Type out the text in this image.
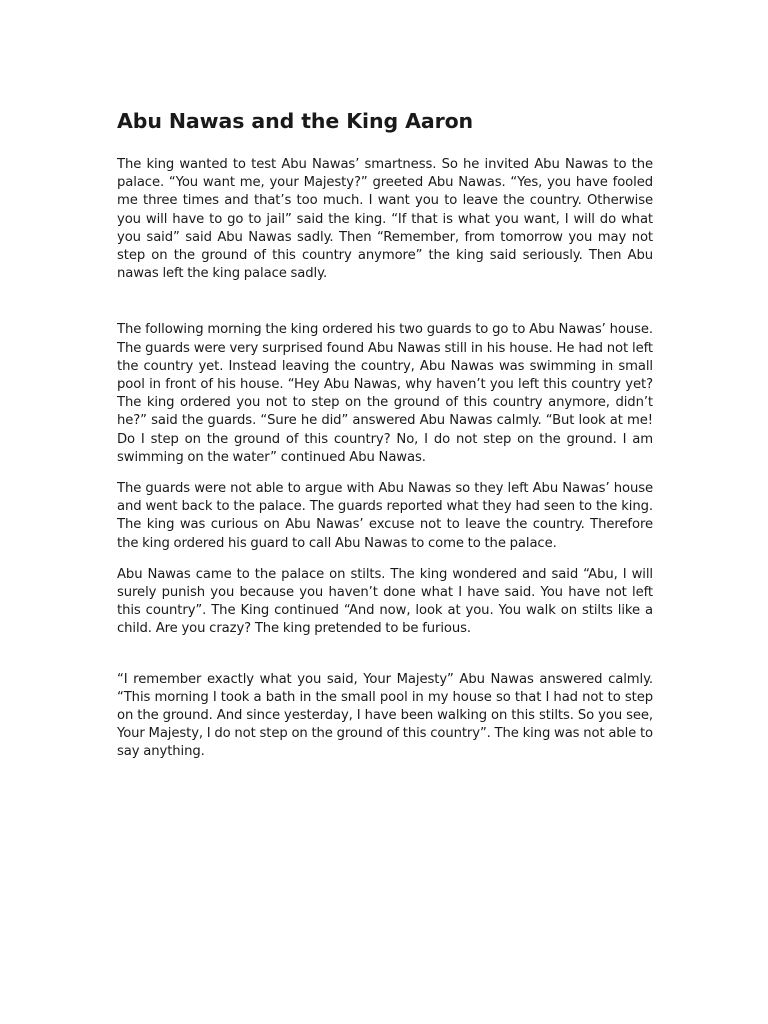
Abu Nawas and the King Aaron

The king wanted to test Abu Nawas’ smartness. So he invited Abu Nawas to the palace. “You want me, your Majesty?” greeted Abu Nawas. “Yes, you have fooled me three times and that’s too much. I want you to leave the country. Otherwise you will have to go to jail” said the king. “If that is what you want, I will do what you said” said Abu Nawas sadly. Then “Remember, from tomorrow you may not step on the ground of this country anymore” the king said seriously. Then Abu nawas left the king palace sadly.

The following morning the king ordered his two guards to go to Abu Nawas’ house. The guards were very surprised found Abu Nawas still in his house. He had not left the country yet. Instead leaving the country, Abu Nawas was swimming in small pool in front of his house. “Hey Abu Nawas, why haven’t you left this country yet? The king ordered you not to step on the ground of this country anymore, didn’t he?” said the guards. “Sure he did” answered Abu Nawas calmly. “But look at me! Do I step on the ground of this country? No, I do not step on the ground. I am swimming on the water” continued Abu Nawas.

The guards were not able to argue with Abu Nawas so they left Abu Nawas’ house and went back to the palace. The guards reported what they had seen to the king. The king was curious on Abu Nawas’ excuse not to leave the country. Therefore the king ordered his guard to call Abu Nawas to come to the palace.

Abu Nawas came to the palace on stilts. The king wondered and said “Abu, I will surely punish you because you haven’t done what I have said. You have not left this country”. The King continued “And now, look at you. You walk on stilts like a child. Are you crazy? The king pretended to be furious.

“I remember exactly what you said, Your Majesty” Abu Nawas answered calmly. “This morning I took a bath in the small pool in my house so that I had not to step on the ground. And since yesterday, I have been walking on this stilts. So you see, Your Majesty, I do not step on the ground of this country”. The king was not able to say anything.
